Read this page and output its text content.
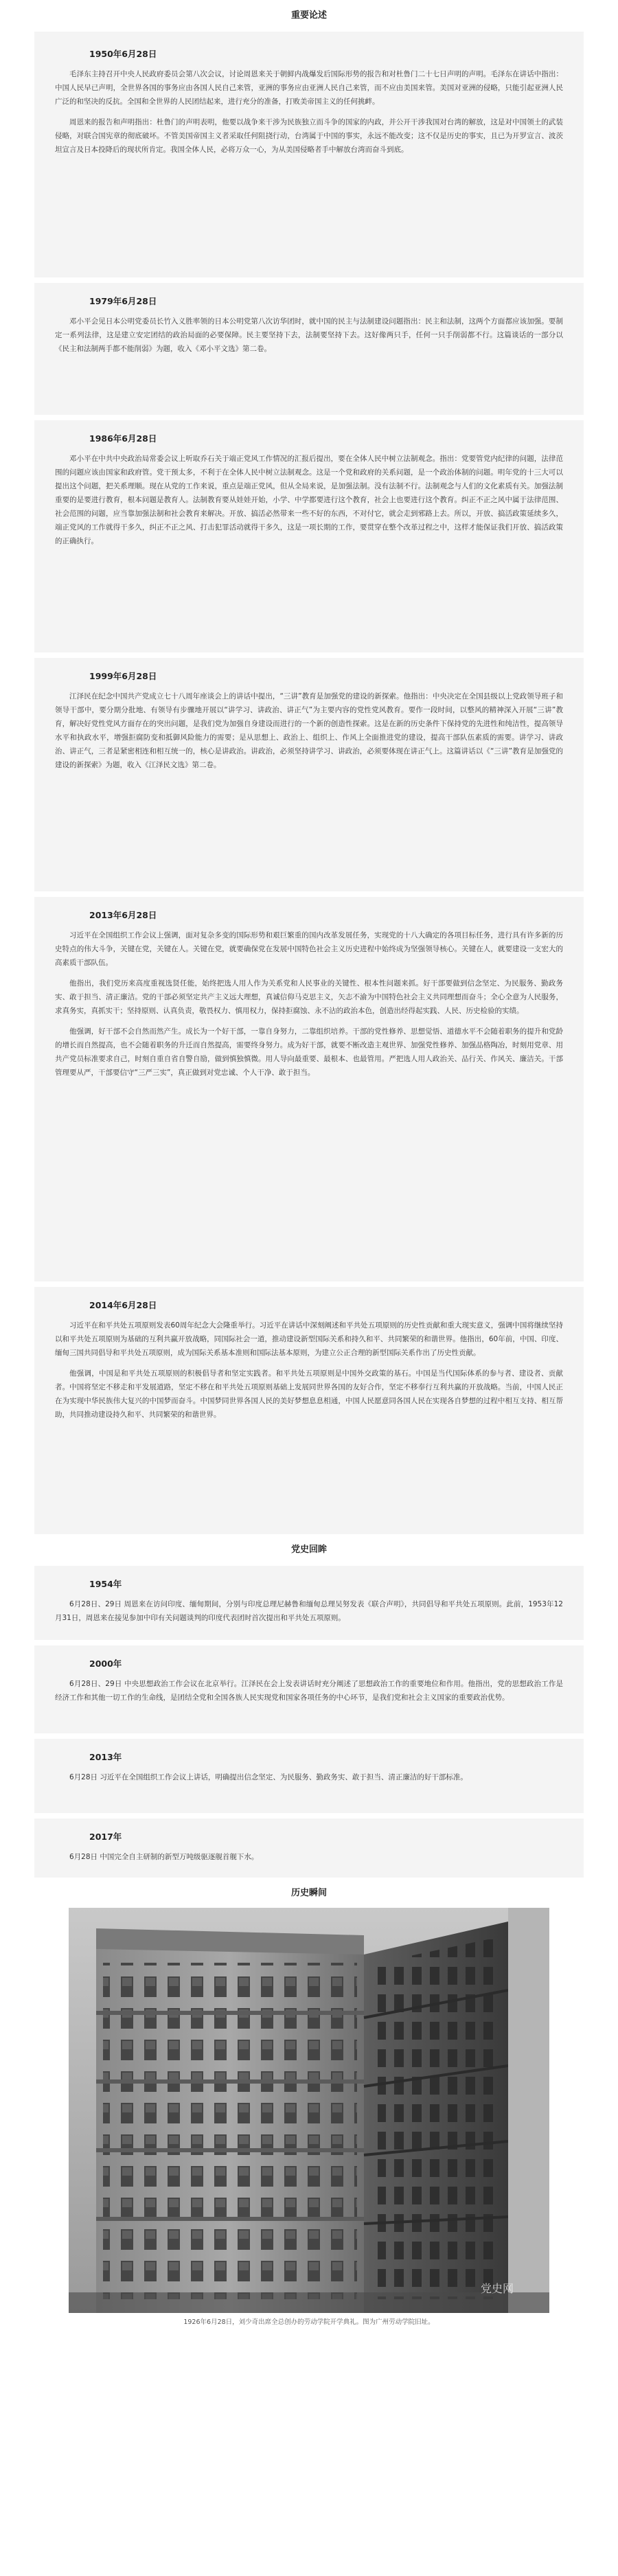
重要论述

1950年6月28日

毛泽东主持召开中央人民政府委员会第八次会议，讨论周恩来关于朝鲜内战爆发后国际形势的报告和对杜鲁门二十七日声明的声明。毛泽东在讲话中指出：中国人民早已声明，全世界各国的事务应由各国人民自己来管，亚洲的事务应由亚洲人民自己来管，而不应由美国来管。美国对亚洲的侵略，只能引起亚洲人民广泛的和坚决的反抗。全国和全世界的人民团结起来，进行充分的准备，打败美帝国主义的任何挑衅。

周恩来的报告和声明指出：杜鲁门的声明表明，他要以战争来干涉为民族独立而斗争的国家的内政，并公开干涉我国对台湾的解放，这是对中国领土的武装侵略，对联合国宪章的彻底破坏。不管美国帝国主义者采取任何阻挠行动，台湾属于中国的事实，永远不能改变；这不仅是历史的事实，且已为开罗宣言、波茨坦宣言及日本投降后的现状所肯定。我国全体人民，必将万众一心，为从美国侵略者手中解放台湾而奋斗到底。

1979年6月28日

邓小平会见日本公明党委员长竹入义胜率领的日本公明党第八次访华团时，就中国的民主与法制建设问题指出：民主和法制，这两个方面都应该加强。要制定一系列法律，这是建立安定团结的政治局面的必要保障。民主要坚持下去，法制要坚持下去。这好像两只手，任何一只手削弱都不行。这篇谈话的一部分以《民主和法制两手都不能削弱》为题，收入《邓小平文选》第二卷。

1986年6月28日

邓小平在中共中央政治局常委会议上听取乔石关于端正党风工作情况的汇报后提出，要在全体人民中树立法制观念。指出：党要管党内纪律的问题，法律范围的问题应该由国家和政府管。党干预太多，不利于在全体人民中树立法制观念。这是一个党和政府的关系问题，是一个政治体制的问题。明年党的十三大可以提出这个问题，把关系理顺。现在从党的工作来说，重点是端正党风，但从全局来说，是加强法制。没有法制不行。法制观念与人们的文化素质有关。加强法制重要的是要进行教育，根本问题是教育人。法制教育要从娃娃开始，小学、中学都要进行这个教育，社会上也要进行这个教育。纠正不正之风中属于法律范围、社会范围的问题，应当靠加强法制和社会教育来解决。开放、搞活必然带来一些不好的东西，不对付它，就会走到邪路上去。所以，开放、搞活政策延续多久，端正党风的工作就得干多久，纠正不正之风、打击犯罪活动就得干多久，这是一项长期的工作，要贯穿在整个改革过程之中，这样才能保证我们开放、搞活政策的正确执行。

1999年6月28日

江泽民在纪念中国共产党成立七十八周年座谈会上的讲话中提出，“三讲”教育是加强党的建设的新探索。他指出：中央决定在全国县级以上党政领导班子和领导干部中，要分期分批地、有领导有步骤地开展以“讲学习、讲政治、讲正气”为主要内容的党性党风教育。要作一段时间，以整风的精神深入开展“三讲”教育，解决好党性党风方面存在的突出问题，是我们党为加强自身建设而进行的一个新的创造性探索。这是在新的历史条件下保持党的先进性和纯洁性，提高领导水平和执政水平，增强拒腐防变和抵御风险能力的需要；是从思想上、政治上、组织上、作风上全面推进党的建设，提高干部队伍素质的需要。讲学习、讲政治、讲正气，三者是紧密相连和相互统一的，核心是讲政治。讲政治，必须坚持讲学习、讲政治，必须要体现在讲正气上。这篇讲话以《“三讲”教育是加强党的建设的新探索》为题，收入《江泽民文选》第二卷。

2013年6月28日

习近平在全国组织工作会议上强调，面对复杂多变的国际形势和艰巨繁重的国内改革发展任务，实现党的十八大确定的各项目标任务，进行具有许多新的历史特点的伟大斗争，关键在党，关键在人。关键在党，就要确保党在发展中国特色社会主义历史进程中始终成为坚强领导核心。关键在人，就要建设一支宏大的高素质干部队伍。

他指出，我们党历来高度重视选贤任能，始终把选人用人作为关系党和人民事业的关键性、根本性问题来抓。好干部要做到信念坚定、为民服务、勤政务实、敢于担当、清正廉洁。党的干部必须坚定共产主义远大理想，真诚信仰马克思主义，矢志不渝为中国特色社会主义共同理想而奋斗；全心全意为人民服务，求真务实，真抓实干；坚持原则、认真负责，敬畏权力、慎用权力，保持拒腐蚀、永不沾的政治本色，创造出经得起实践、人民、历史检验的实绩。

他强调，好干部不会自然而然产生。成长为一个好干部，一靠自身努力，二靠组织培养。干部的党性修养、思想觉悟、道德水平不会随着职务的提升和党龄的增长而自然提高，也不会随着职务的升迁而自然提高，需要终身努力。成为好干部，就要不断改造主观世界、加强党性修养、加强品格陶冶，时刻用党章、用共产党员标准要求自己，时刻自重自省自警自励，做到慎独慎微。用人导向最重要、最根本、也最管用。严把选人用人政治关、品行关、作风关、廉洁关。干部管理要从严，干部要信守“三严三实”，真正做到对党忠诚、个人干净、敢于担当。

2014年6月28日

习近平在和平共处五项原则发表60周年纪念大会隆重举行。习近平在讲话中深刻阐述和平共处五项原则的历史性贡献和重大现实意义，强调中国将继续坚持以和平共处五项原则为基础的互利共赢开放战略，同国际社会一道，推动建设新型国际关系和持久和平、共同繁荣的和谐世界。他指出，60年前，中国、印度、缅甸三国共同倡导和平共处五项原则，成为国际关系基本准则和国际法基本原则，为建立公正合理的新型国际关系作出了历史性贡献。

他强调，中国是和平共处五项原则的积极倡导者和坚定实践者。和平共处五项原则是中国外交政策的基石。中国是当代国际体系的参与者、建设者、贡献者。中国将坚定不移走和平发展道路，坚定不移在和平共处五项原则基础上发展同世界各国的友好合作，坚定不移奉行互利共赢的开放战略。当前，中国人民正在为实现中华民族伟大复兴的中国梦而奋斗。中国梦同世界各国人民的美好梦想息息相通，中国人民愿意同各国人民在实现各自梦想的过程中相互支持、相互帮助，共同推动建设持久和平、共同繁荣的和谐世界。

党史回眸

1954年

6月28日、29日 周恩来在访问印度、缅甸期间，分别与印度总理尼赫鲁和缅甸总理吴努发表《联合声明》，共同倡导和平共处五项原则。此前，1953年12月31日，周恩来在接见参加中印有关问题谈判的印度代表团时首次提出和平共处五项原则。

2000年

6月28日、29日 中央思想政治工作会议在北京举行。江泽民在会上发表讲话时充分阐述了思想政治工作的重要地位和作用。他指出，党的思想政治工作是经济工作和其他一切工作的生命线，是团结全党和全国各族人民实现党和国家各项任务的中心环节，是我们党和社会主义国家的重要政治优势。

2013年

6月28日 习近平在全国组织工作会议上讲话，明确提出信念坚定、为民服务、勤政务实、敢于担当、清正廉洁的好干部标准。

2017年

6月28日 中国完全自主研制的新型万吨级驱逐舰首舰下水。

历史瞬间

党史网

1926年6月28日，刘少奇出席全总创办的劳动学院开学典礼。图为广州劳动学院旧址。
